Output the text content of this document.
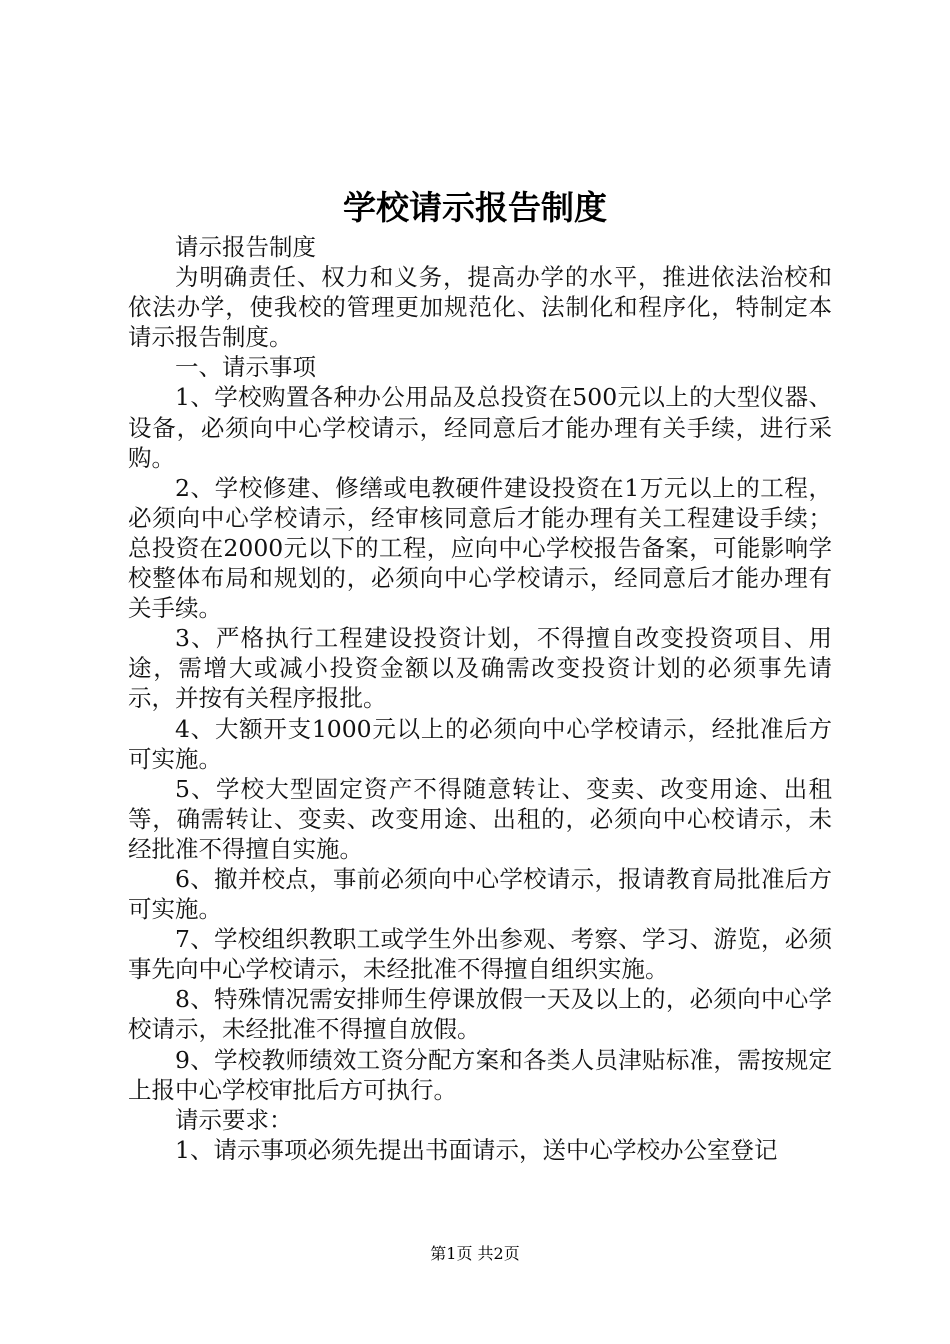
学校请示报告制度

请示报告制度

为明确责任、权力和义务，提高办学的水平，推进依法治校和依法办学，使我校的管理更加规范化、法制化和程序化，特制定本请示报告制度。

一、请示事项

1、学校购置各种办公用品及总投资在500元以上的大型仪器、设备，必须向中心学校请示，经同意后才能办理有关手续，进行采购。

2、学校修建、修缮或电教硬件建设投资在1万元以上的工程，必须向中心学校请示，经审核同意后才能办理有关工程建设手续；总投资在2000元以下的工程，应向中心学校报告备案，可能影响学校整体布局和规划的，必须向中心学校请示，经同意后才能办理有关手续。

3、严格执行工程建设投资计划，不得擅自改变投资项目、用途，需增大或减小投资金额以及确需改变投资计划的必须事先请示，并按有关程序报批。

4、大额开支1000元以上的必须向中心学校请示，经批准后方可实施。

5、学校大型固定资产不得随意转让、变卖、改变用途、出租等，确需转让、变卖、改变用途、出租的，必须向中心校请示，未经批准不得擅自实施。

6、撤并校点，事前必须向中心学校请示，报请教育局批准后方可实施。

7、学校组织教职工或学生外出参观、考察、学习、游览，必须事先向中心学校请示，未经批准不得擅自组织实施。

8、特殊情况需安排师生停课放假一天及以上的，必须向中心学校请示，未经批准不得擅自放假。

9、学校教师绩效工资分配方案和各类人员津贴标准，需按规定上报中心学校审批后方可执行。

请示要求：

1、请示事项必须先提出书面请示，送中心学校办公室登记

第1页 共2页
